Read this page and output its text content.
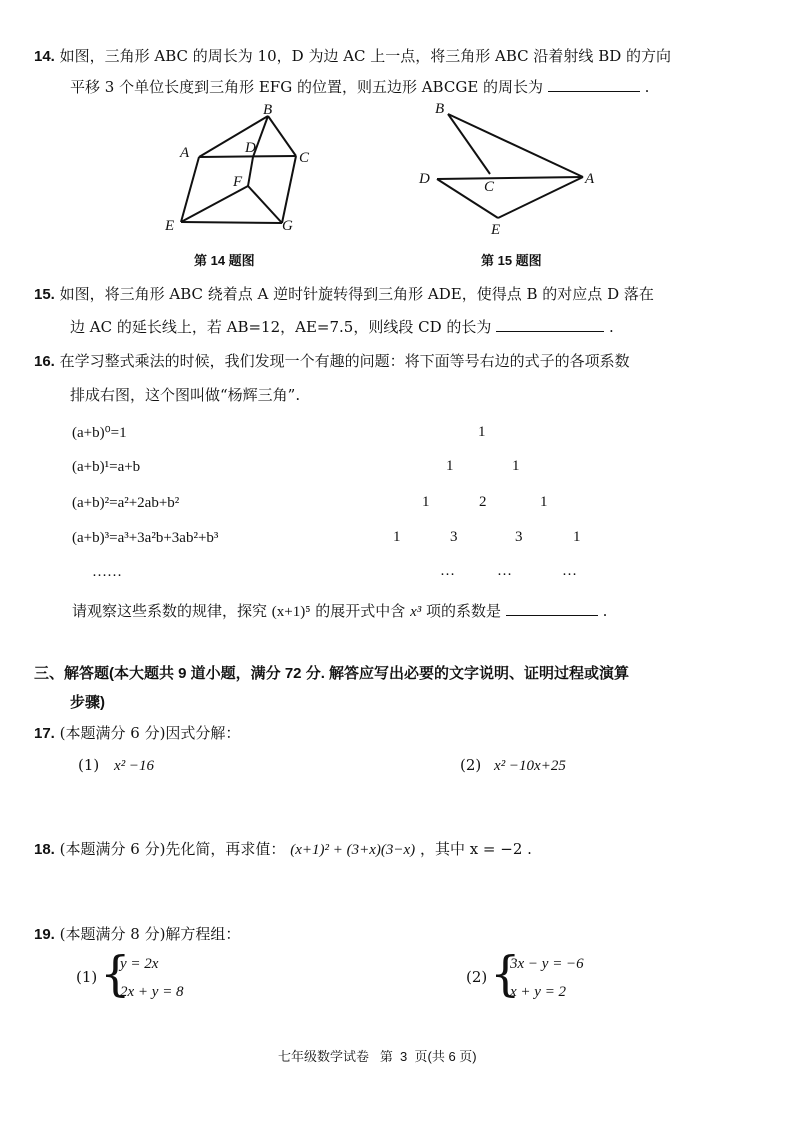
14. 如图，三角形 ABC 的周长为 10，D 为边 AC 上一点，将三角形 ABC 沿着射线 BD 的方向
平移 3 个单位长度到三角形 EFG 的位置，则五边形 ABCGE 的周长为	.
B
A	D
C
F
E	G
第 14 题图
B
D	C	A
E
第 15 题图
15. 如图，将三角形 ABC 绕着点 A 逆时针旋转得到三角形 ADE，使得点 B 的对应点 D 落在
边 AC 的延长线上，若 AB=12，AE=7.5，则线段 CD 的长为	.
16. 在学习整式乘法的时候，我们发现一个有趣的问题：将下面等号右边的式子的各项系数
排成右图，这个图叫做“杨辉三角”.
(a+b)⁰=1
(a+b)¹=a+b
(a+b)²=a²+2ab+b²
(a+b)³=a³+3a²b+3ab²+b³
……
1
1	1
1	2	1
1	3	3	1
…	…	…
请观察这些系数的规律，探究 (x+1)⁵ 的展开式中含 x³ 项的系数是	.
三、解答题(本大题共 9 道小题，满分 72 分. 解答应写出必要的文字说明、证明过程或演算
步骤)
17. (本题满分 6 分)因式分解：
(1) x² −16	(2) x² −10x+25
18. (本题满分 6 分)先化简，再求值： (x+1)² + (3+x)(3−x) ，其中 x = −2 .
19. (本题满分 8 分)解方程组：
(1) {
y = 2x
2x + y = 8
(2) {
3x − y = −6
x + y = 2
七年级数学试卷   第  3  页(共 6 页)
